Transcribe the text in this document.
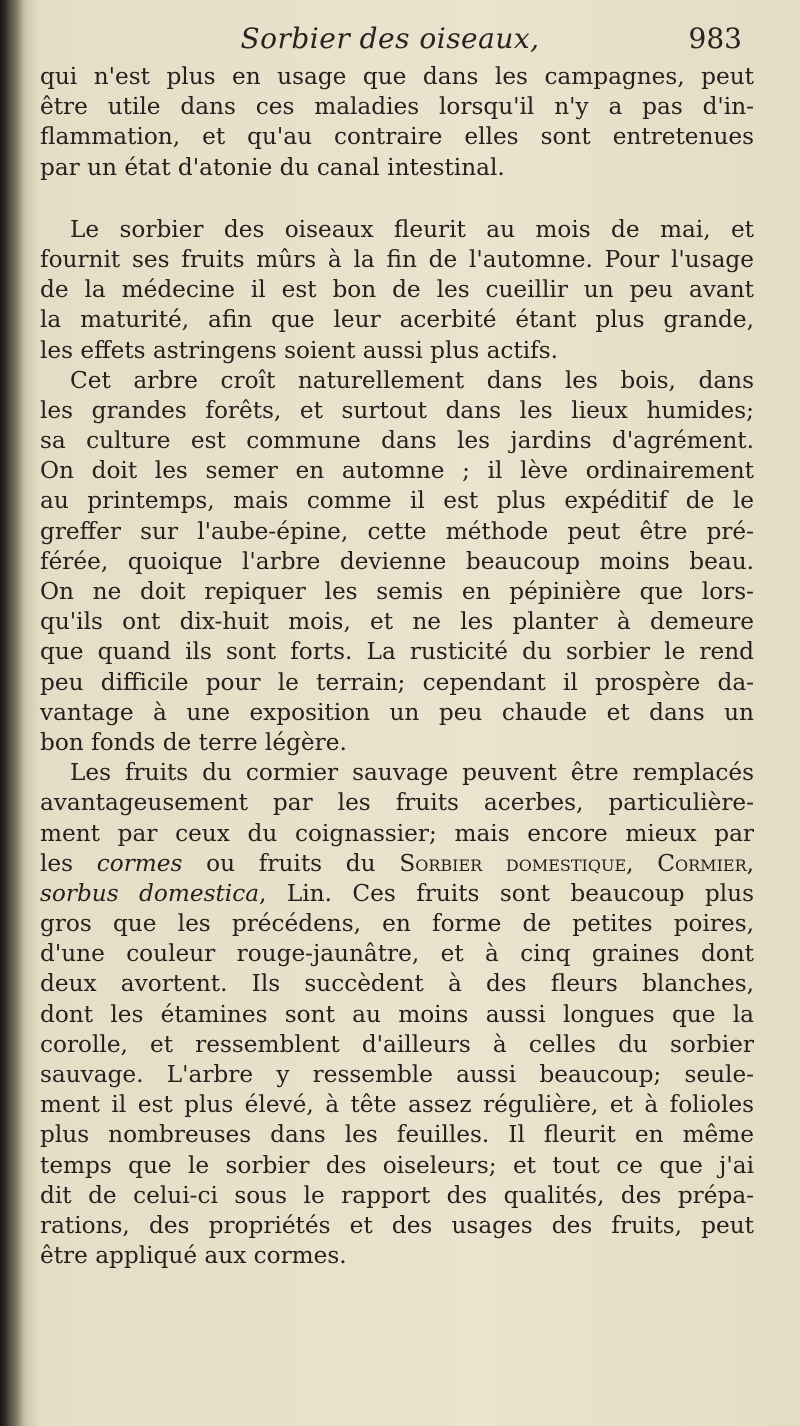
Sorbier des oiseaux,	983
qui n'est plus en usage que dans les campagnes, peut
être utile dans ces maladies lorsqu'il n'y a pas d'in-
flammation, et qu'au contraire elles sont entretenues
par un état d'atonie du canal intestinal.
Le sorbier des oiseaux fleurit au mois de mai, et
fournit ses fruits mûrs à la fin de l'automne. Pour l'usage
de la médecine il est bon de les cueillir un peu avant
la maturité, afin que leur acerbité étant plus grande,
les effets astringens soient aussi plus actifs.
Cet arbre croît naturellement dans les bois, dans
les grandes forêts, et surtout dans les lieux humides;
sa culture est commune dans les jardins d'agrément.
On doit les semer en automne ; il lève ordinairement
au printemps, mais comme il est plus expéditif de le
greffer sur l'aube-épine, cette méthode peut être pré-
férée, quoique l'arbre devienne beaucoup moins beau.
On ne doit repiquer les semis en pépinière que lors-
qu'ils ont dix-huit mois, et ne les planter à demeure
que quand ils sont forts. La rusticité du sorbier le rend
peu difficile pour le terrain; cependant il prospère da-
vantage à une exposition un peu chaude et dans un
bon fonds de terre légère.
Les fruits du cormier sauvage peuvent être remplacés
avantageusement par les fruits acerbes, particulière-
ment par ceux du coignassier; mais encore mieux par
les cormes ou fruits du Sorbier domestique, Cormier,
sorbus domestica, Lin. Ces fruits sont beaucoup plus
gros que les précédens, en forme de petites poires,
d'une couleur rouge-jaunâtre, et à cinq graines dont
deux avortent. Ils succèdent à des fleurs blanches,
dont les étamines sont au moins aussi longues que la
corolle, et ressemblent d'ailleurs à celles du sorbier
sauvage. L'arbre y ressemble aussi beaucoup; seule-
ment il est plus élevé, à tête assez régulière, et à folioles
plus nombreuses dans les feuilles. Il fleurit en même
temps que le sorbier des oiseleurs; et tout ce que j'ai
dit de celui-ci sous le rapport des qualités, des prépa-
rations, des propriétés et des usages des fruits, peut
être appliqué aux cormes.
